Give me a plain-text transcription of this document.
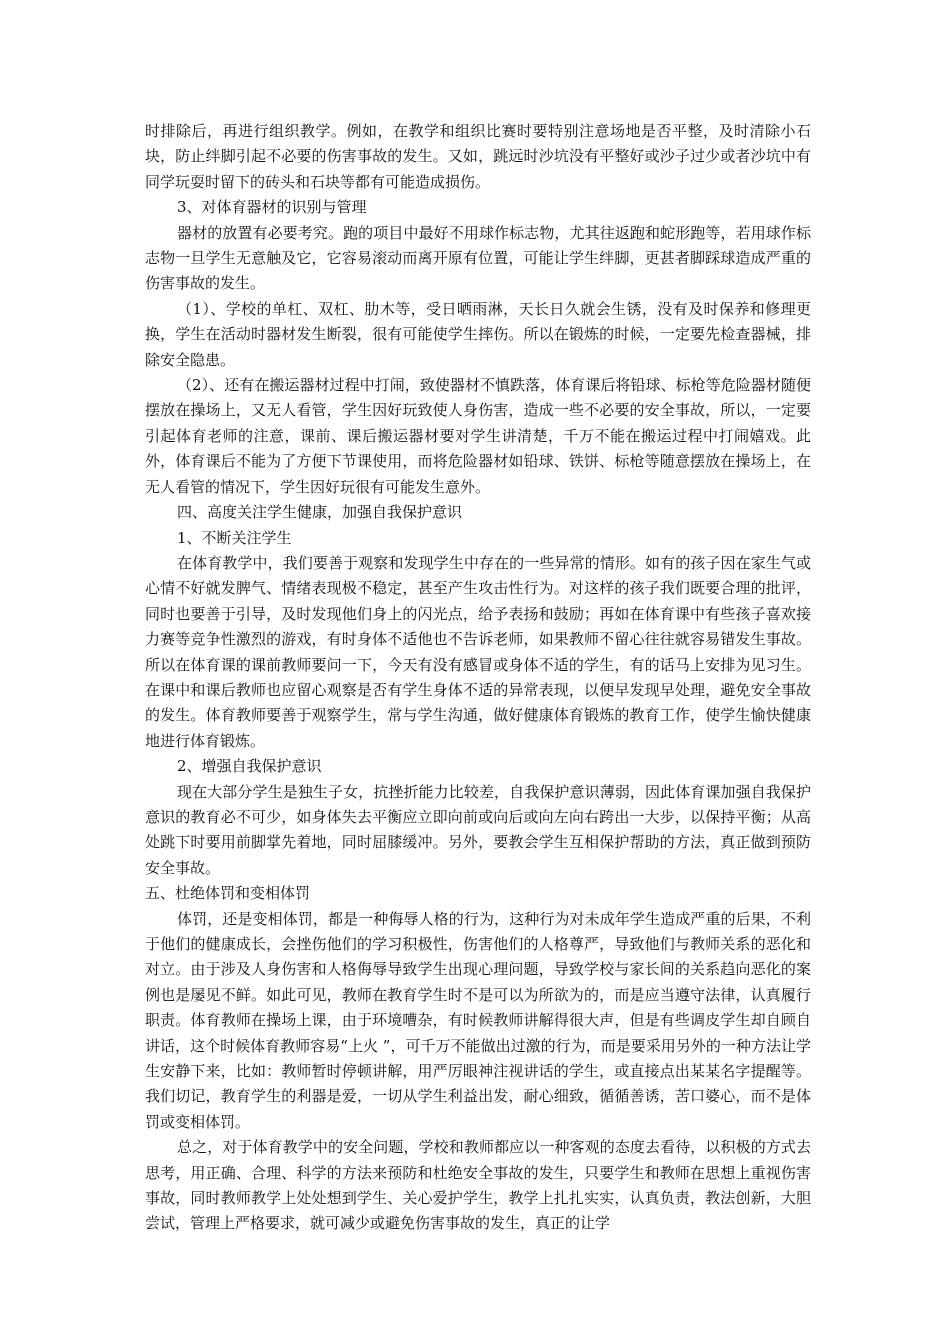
时排除后，再进行组织教学。例如，在教学和组织比赛时要特别注意场地是否平整，及时清除小石块，防止绊脚引起不必要的伤害事故的发生。又如，跳远时沙坑没有平整好或沙子过少或者沙坑中有同学玩耍时留下的砖头和石块等都有可能造成损伤。

3、对体育器材的识别与管理

器材的放置有必要考究。跑的项目中最好不用球作标志物，尤其往返跑和蛇形跑等，若用球作标志物一旦学生无意触及它，它容易滚动而离开原有位置，可能让学生绊脚，更甚者脚踩球造成严重的伤害事故的发生。

（1）、学校的单杠、双杠、肋木等，受日晒雨淋，天长日久就会生锈，没有及时保养和修理更换，学生在活动时器材发生断裂，很有可能使学生摔伤。所以在锻炼的时候，一定要先检查器械，排除安全隐患。

（2）、还有在搬运器材过程中打闹，致使器材不慎跌落，体育课后将铅球、标枪等危险器材随便摆放在操场上，又无人看管，学生因好玩致使人身伤害，造成一些不必要的安全事故，所以，一定要引起体育老师的注意，课前、课后搬运器材要对学生讲清楚，千万不能在搬运过程中打闹嬉戏。此外，体育课后不能为了方便下节课使用，而将危险器材如铅球、铁饼、标枪等随意摆放在操场上，在无人看管的情况下，学生因好玩很有可能发生意外。

四、高度关注学生健康，加强自我保护意识

1、不断关注学生

在体育教学中，我们要善于观察和发现学生中存在的一些异常的情形。如有的孩子因在家生气或心情不好就发脾气、情绪表现极不稳定，甚至产生攻击性行为。对这样的孩子我们既要合理的批评，同时也要善于引导，及时发现他们身上的闪光点，给予表扬和鼓励；再如在体育课中有些孩子喜欢接力赛等竞争性激烈的游戏，有时身体不适他也不告诉老师，如果教师不留心往往就容易错发生事故。所以在体育课的课前教师要问一下，今天有没有感冒或身体不适的学生，有的话马上安排为见习生。在课中和课后教师也应留心观察是否有学生身体不适的异常表现，以便早发现早处理，避免安全事故的发生。体育教师要善于观察学生，常与学生沟通，做好健康体育锻炼的教育工作，使学生愉快健康地进行体育锻炼。

2、增强自我保护意识

现在大部分学生是独生子女，抗挫折能力比较差，自我保护意识薄弱，因此体育课加强自我保护意识的教育必不可少，如身体失去平衡应立即向前或向后或向左向右跨出一大步，以保持平衡；从高处跳下时要用前脚掌先着地，同时屈膝缓冲。另外，要教会学生互相保护帮助的方法，真正做到预防安全事故。

五、杜绝体罚和变相体罚

体罚，还是变相体罚，都是一种侮辱人格的行为，这种行为对未成年学生造成严重的后果，不利于他们的健康成长，会挫伤他们的学习积极性，伤害他们的人格尊严，导致他们与教师关系的恶化和对立。由于涉及人身伤害和人格侮辱导致学生出现心理问题，导致学校与家长间的关系趋向恶化的案例也是屡见不鲜。如此可见，教师在教育学生时不是可以为所欲为的，而是应当遵守法律，认真履行职责。体育教师在操场上课，由于环境嘈杂，有时候教师讲解得很大声，但是有些调皮学生却自顾自讲话，这个时候体育教师容易“上火 ”，可千万不能做出过激的行为，而是要采用另外的一种方法让学生安静下来，比如：教师暂时停顿讲解，用严厉眼神注视讲话的学生，或直接点出某某名字提醒等。我们切记，教育学生的利器是爱，一切从学生利益出发，耐心细致，循循善诱，苦口婆心，而不是体罚或变相体罚。

总之，对于体育教学中的安全问题，学校和教师都应以一种客观的态度去看待，以积极的方式去思考，用正确、合理、科学的方法来预防和杜绝安全事故的发生，只要学生和教师在思想上重视伤害事故，同时教师教学上处处想到学生、关心爱护学生，教学上扎扎实实，认真负责，教法创新，大胆尝试，管理上严格要求，就可减少或避免伤害事故的发生，真正的让学
